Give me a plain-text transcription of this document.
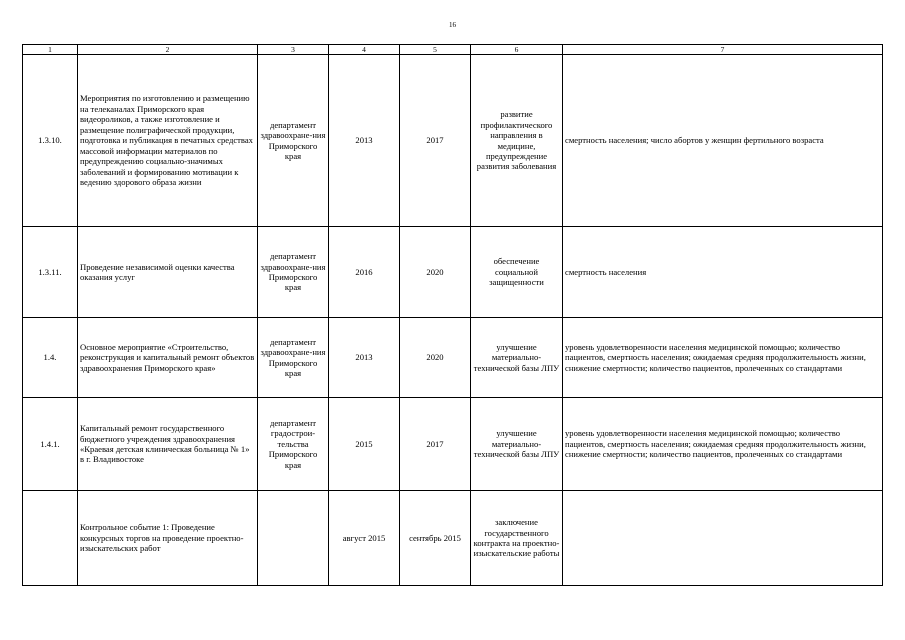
16
1	2	3	4	5	6	7
1.3.10.	Мероприятия по изготовлению и размещению на телеканалах Приморского края видеороликов, а также изготовление и размещение полиграфической продукции, подготовка и публикация в печатных средствах массовой информации материалов по предупреждению социально-значимых заболеваний и формированию мотивации к ведению здорового образа жизни	департамент здравоохране-ния Приморского края	2013	2017	развитие профилактического направления в медицине, предупреждение развития заболевания	смертность населения; число абортов у женщин фертильного возраста
1.3.11.	Проведение независимой оценки качества оказания услуг	департамент здравоохране-ния Приморского края	2016	2020	обеспечение социальной защищенности	смертность населения
1.4.	Основное мероприятие «Строительство, реконструкция и капитальный ремонт объектов здравоохранения Приморского края»	департамент здравоохране-ния Приморского края	2013	2020	улучшение материально-технической базы ЛПУ	уровень удовлетворенности населения медицинской помощью; количество пациентов, смертность населения; ожидаемая средняя продолжительность жизни, снижение смертности; количество пациентов, пролеченных со стандартами
1.4.1.	Капитальный ремонт государственного бюджетного учреждения здравоохранения «Краевая детская клиническая больница № 1» в г. Владивостоке	департамент градострои-тельства Приморского края	2015	2017	улучшение материально-технической базы ЛПУ	уровень удовлетворенности населения медицинской помощью; количество пациентов, смертность населения; ожидаемая средняя продолжительность жизни, снижение смертности; количество пациентов, пролеченных со стандартами
	Контрольное событие 1: Проведение конкурсных торгов на проведение проектно-изыскательских работ		август 2015	сентябрь 2015	заключение государственного контракта на проектно-изыскательские работы	
